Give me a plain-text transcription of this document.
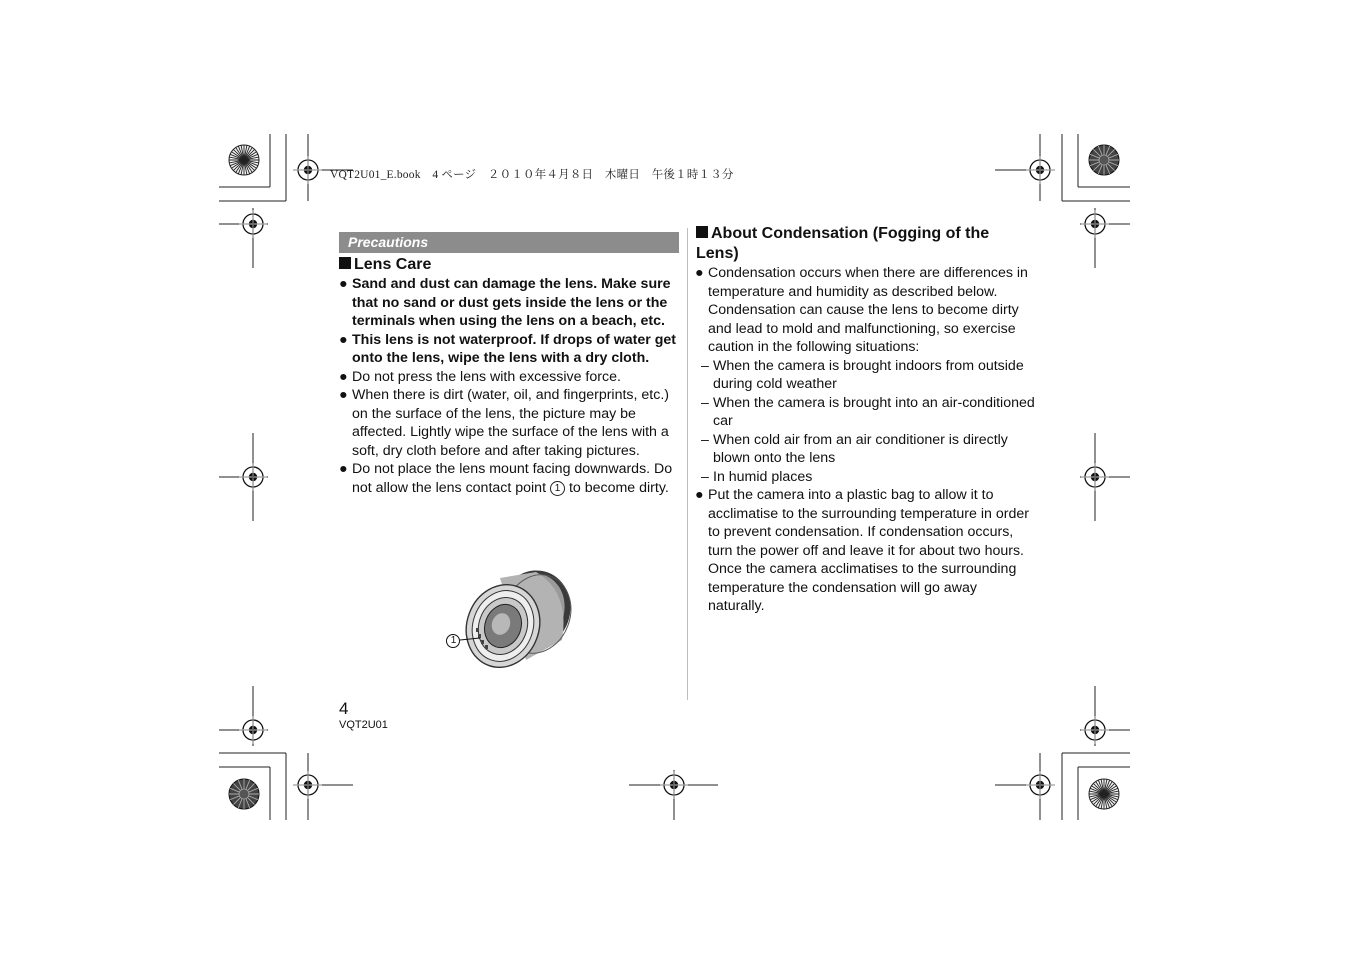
VQT2U01_E.book　4 ページ　２０１０年４月８日　木曜日　午後１時１３分
Precautions
Lens Care
● Sand and dust can damage the lens. Make sure that no sand or dust gets inside the lens or the terminals when using the lens on a beach, etc.
● This lens is not waterproof. If drops of water get onto the lens, wipe the lens with a dry cloth.
● Do not press the lens with excessive force.
● When there is dirt (water, oil, and fingerprints, etc.) on the surface of the lens, the picture may be affected. Lightly wipe the surface of the lens with a soft, dry cloth before and after taking pictures.
● Do not place the lens mount facing downwards. Do not allow the lens contact point 1 to become dirty.
1
About Condensation (Fogging of the Lens)
● Condensation occurs when there are differences in temperature and humidity as described below. Condensation can cause the lens to become dirty and lead to mold and malfunctioning, so exercise caution in the following situations:
– When the camera is brought indoors from outside during cold weather
– When the camera is brought into an air-conditioned car
– When cold air from an air conditioner is directly blown onto the lens
– In humid places
● Put the camera into a plastic bag to allow it to acclimatise to the surrounding temperature in order to prevent condensation. If condensation occurs, turn the power off and leave it for about two hours. Once the camera acclimatises to the surrounding temperature the condensation will go away naturally.
4
VQT2U01
